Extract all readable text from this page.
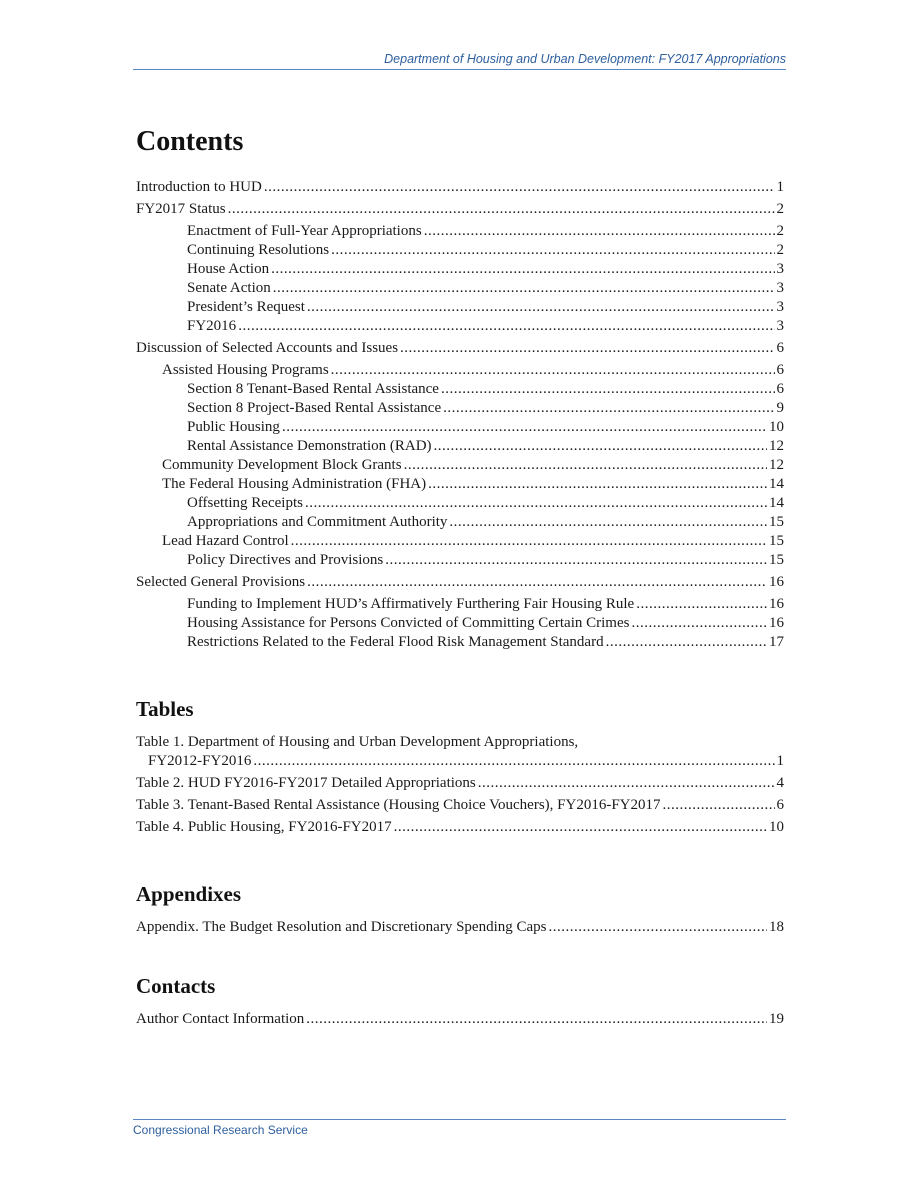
Department of Housing and Urban Development: FY2017 Appropriations
Contents
Introduction to HUD .....	1
FY2017 Status .....	2
Enactment of Full-Year Appropriations .....	2
Continuing Resolutions .....	2
House Action .....	3
Senate Action .....	3
President’s Request .....	3
FY2016 .....	3
Discussion of Selected Accounts and Issues .....	6
Assisted Housing Programs .....	6
Section 8 Tenant-Based Rental Assistance .....	6
Section 8 Project-Based Rental Assistance .....	9
Public Housing .....	10
Rental Assistance Demonstration (RAD) .....	12
Community Development Block Grants .....	12
The Federal Housing Administration (FHA) .....	14
Offsetting Receipts .....	14
Appropriations and Commitment Authority .....	15
Lead Hazard Control .....	15
Policy Directives and Provisions .....	15
Selected General Provisions .....	16
Funding to Implement HUD’s Affirmatively Furthering Fair Housing Rule .....	16
Housing Assistance for Persons Convicted of Committing Certain Crimes .....	16
Restrictions Related to the Federal Flood Risk Management Standard .....	17
Tables
Table 1. Department of Housing and Urban Development Appropriations,
FY2012-FY2016 .....	1
Table 2. HUD FY2016-FY2017 Detailed Appropriations .....	4
Table 3. Tenant-Based Rental Assistance (Housing Choice Vouchers), FY2016-FY2017 .....	6
Table 4. Public Housing, FY2016-FY2017 .....	10
Appendixes
Appendix. The Budget Resolution and Discretionary Spending Caps .....	18
Contacts
Author Contact Information .....	19
Congressional Research Service
